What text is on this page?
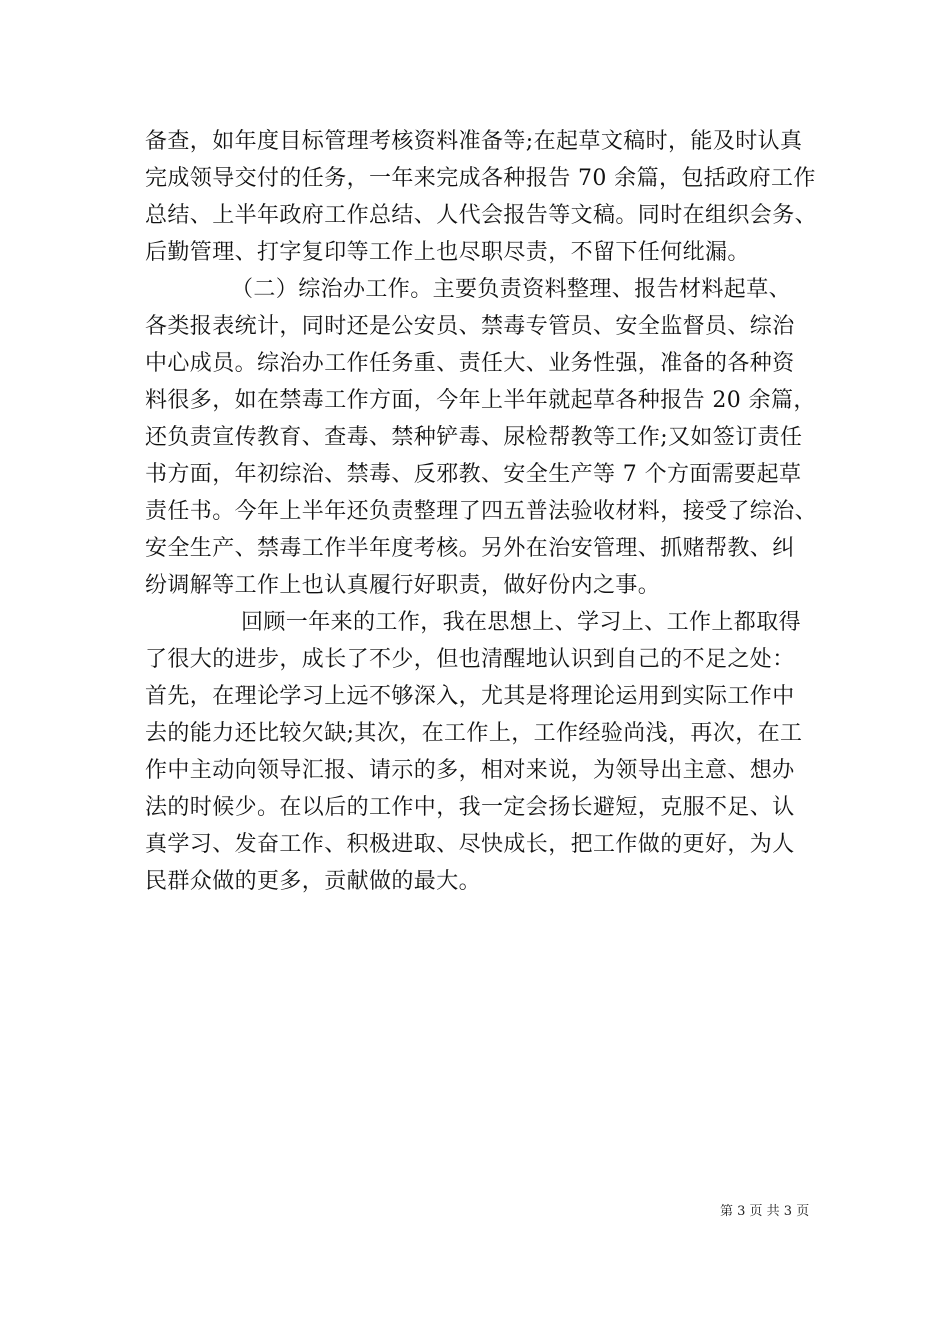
备查，如年度目标管理考核资料准备等;在起草文稿时，能及时认真
完成领导交付的任务，一年来完成各种报告 70 余篇，包括政府工作
总结、上半年政府工作总结、人代会报告等文稿。同时在组织会务、
后勤管理、打字复印等工作上也尽职尽责，不留下任何纰漏。
（二）综治办工作。主要负责资料整理、报告材料起草、
各类报表统计，同时还是公安员、禁毒专管员、安全监督员、综治
中心成员。综治办工作任务重、责任大、业务性强，准备的各种资
料很多，如在禁毒工作方面，今年上半年就起草各种报告 20 余篇，
还负责宣传教育、查毒、禁种铲毒、尿检帮教等工作;又如签订责任
书方面，年初综治、禁毒、反邪教、安全生产等 7 个方面需要起草
责任书。今年上半年还负责整理了四五普法验收材料，接受了综治、
安全生产、禁毒工作半年度考核。另外在治安管理、抓赌帮教、纠
纷调解等工作上也认真履行好职责，做好份内之事。
回顾一年来的工作，我在思想上、学习上、工作上都取得
了很大的进步，成长了不少，但也清醒地认识到自己的不足之处：
首先，在理论学习上远不够深入，尤其是将理论运用到实际工作中
去的能力还比较欠缺;其次，在工作上，工作经验尚浅，再次，在工
作中主动向领导汇报、请示的多，相对来说，为领导出主意、想办
法的时候少。在以后的工作中，我一定会扬长避短，克服不足、认
真学习、发奋工作、积极进取、尽快成长，把工作做的更好，为人
民群众做的更多，贡献做的最大。
第 3 页 共 3 页
